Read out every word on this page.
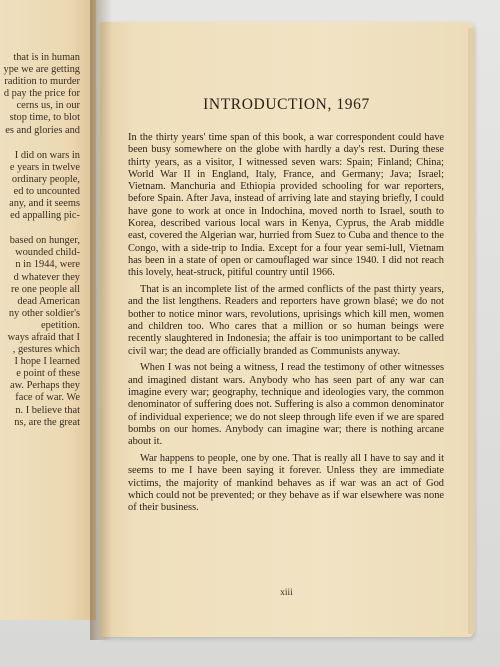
that is in human
ype we are getting
radition to murder
d pay the price for
cerns us, in our
stop time, to blot
es and glories and
I did on wars in
e years in twelve
ordinary people,
ed to uncounted
any, and it seems
ed appalling pic-
based on hunger,
wounded child-
n in 1944, were
d whatever they
re one people all
dead American
ny other soldier's
epetition.
ways afraid that I
, gestures which
I hope I learned
e point of these
aw. Perhaps they
face of war. We
n. I believe that
ns, are the great
INTRODUCTION, 1967

In the thirty years' time span of this book, a war correspondent could have been busy somewhere on the globe with hardly a day's rest. During these thirty years, as a visitor, I witnessed seven wars: Spain; Finland; China; World War II in England, Italy, France, and Germany; Java; Israel; Vietnam. Manchuria and Ethiopia provided schooling for war reporters, before Spain. After Java, instead of arriving late and staying briefly, I could have gone to work at once in Indochina, moved north to Israel, south to Korea, described various local wars in Kenya, Cyprus, the Arab middle east, covered the Algerian war, hurried from Suez to Cuba and thence to the Congo, with a side-trip to India. Except for a four year semi-lull, Vietnam has been in a state of open or camouflaged war since 1940. I did not reach this lovely, heat-struck, pitiful country until 1966.

That is an incomplete list of the armed conflicts of the past thirty years, and the list lengthens. Readers and reporters have grown blasé; we do not bother to notice minor wars, revolutions, uprisings which kill men, women and children too. Who cares that a million or so human beings were recently slaughtered in Indonesia; the affair is too unimportant to be called civil war; the dead are officially branded as Communists anyway.

When I was not being a witness, I read the testimony of other witnesses and imagined distant wars. Anybody who has seen part of any war can imagine every war; geography, technique and ideologies vary, the common denominator of suffering does not. Suffering is also a common denominator of individual experience; we do not sleep through life even if we are spared bombs on our homes. Anybody can imagine war; there is nothing arcane about it.

War happens to people, one by one. That is really all I have to say and it seems to me I have been saying it forever. Unless they are immediate victims, the majority of mankind behaves as if war was an act of God which could not be prevented; or they behave as if war elsewhere was none of their business.

xiii
